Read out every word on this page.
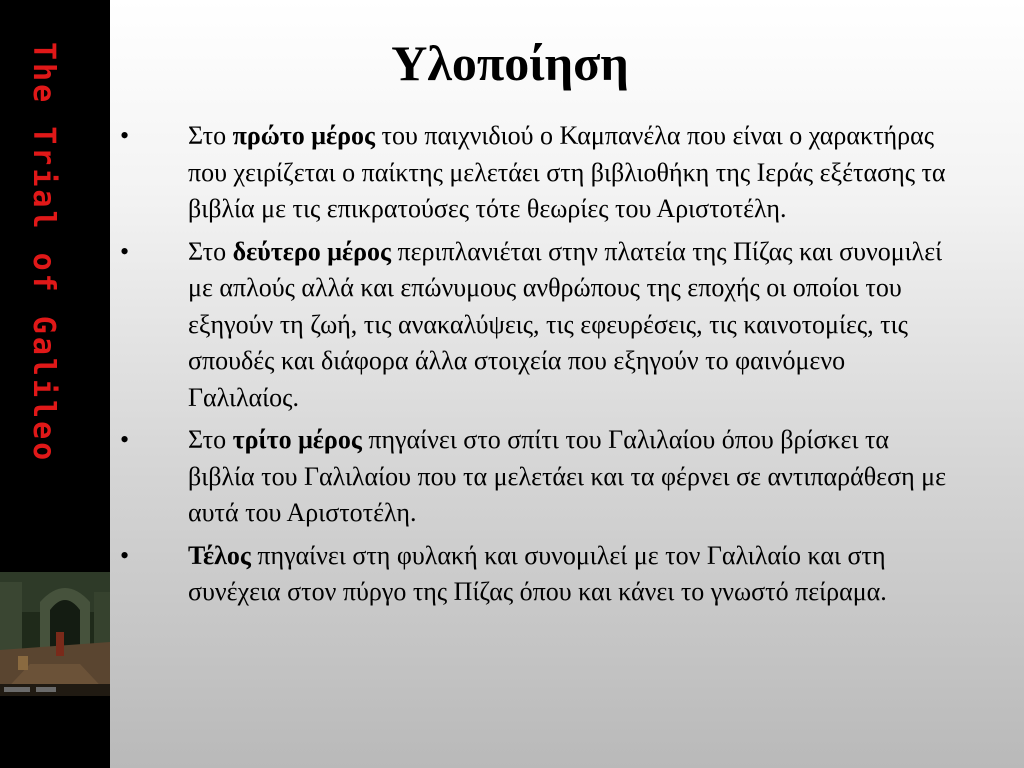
The Trial of Galileo	Υλοποίηση
• Στο πρώτο μέρος του παιχνιδιού ο Καμπανέλα που είναι ο χαρακτήρας που χειρίζεται ο παίκτης μελετάει στη βιβλιοθήκη της Ιεράς εξέτασης τα βιβλία με τις επικρατούσες τότε θεωρίες του Αριστοτέλη.
• Στο δεύτερο μέρος περιπλανιέται στην πλατεία της Πίζας και συνομιλεί με απλούς αλλά και επώνυμους ανθρώπους της εποχής οι οποίοι του εξηγούν τη ζωή, τις ανακαλύψεις, τις εφευρέσεις, τις καινοτομίες, τις σπουδές και διάφορα άλλα στοιχεία που εξηγούν το φαινόμενο Γαλιλαίος.
• Στο τρίτο μέρος πηγαίνει στο σπίτι του Γαλιλαίου όπου βρίσκει τα βιβλία του Γαλιλαίου που τα μελετάει και τα φέρνει σε αντιπαράθεση με αυτά του Αριστοτέλη.
• Τέλος πηγαίνει στη φυλακή και συνομιλεί με τον Γαλιλαίο και στη συνέχεια στον πύργο της Πίζας όπου και κάνει το γνωστό πείραμα.
